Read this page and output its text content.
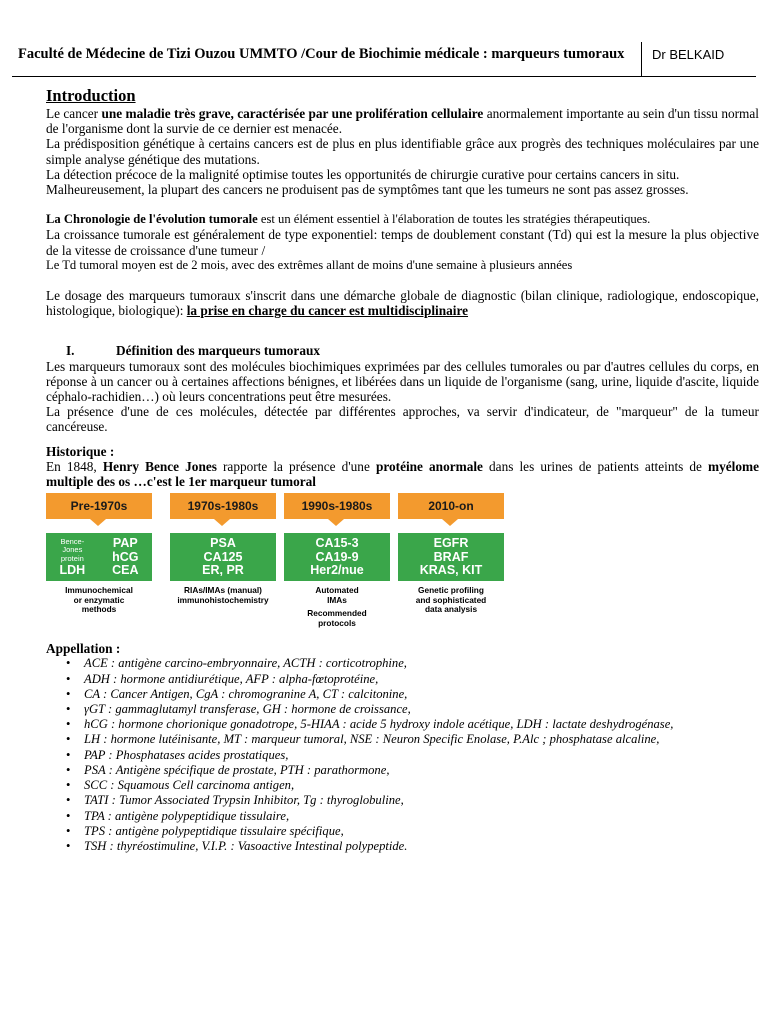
Faculté de Médecine de Tizi Ouzou UMMTO /Cour de Biochimie médicale : marqueurs tumoraux Dr BELKAID
Introduction

Le cancer une maladie très grave, caractérisée par une prolifération cellulaire anormalement importante au sein d'un tissu normal de l'organisme dont la survie de ce dernier est menacée.

La prédisposition génétique à certains cancers est de plus en plus identifiable grâce aux progrès des techniques moléculaires par une simple analyse génétique des mutations.

La détection précoce de la malignité optimise toutes les opportunités de chirurgie curative pour certains cancers in situ.

Malheureusement, la plupart des cancers ne produisent pas de symptômes tant que les tumeurs ne sont pas assez grosses.

La Chronologie de l'évolution tumorale est un élément essentiel à l'élaboration de toutes les stratégies thérapeutiques.

La croissance tumorale est généralement de type exponentiel: temps de doublement constant (Td) qui est la mesure la plus objective de la vitesse de croissance d'une tumeur /

Le Td tumoral moyen est de 2 mois, avec des extrêmes allant de moins d'une semaine à plusieurs années

Le dosage des marqueurs tumoraux s'inscrit dans une démarche globale de diagnostic (bilan clinique, radiologique, endoscopique, histologique, biologique): la prise en charge du cancer est multidisciplinaire

I.	Définition des marqueurs tumoraux

Les marqueurs tumoraux sont des molécules biochimiques exprimées par des cellules tumorales ou par d'autres cellules du corps, en réponse à un cancer ou à certaines affections bénignes, et libérées dans un liquide de l'organisme (sang, urine, liquide d'ascite, liquide céphalo-rachidien…) où leurs concentrations peut être mesurées.

La présence d'une de ces molécules, détectée par différentes approches, va servir d'indicateur, de "marqueur" de la tumeur cancéreuse.

Historique :

En 1848, Henry Bence Jones rapporte la présence d'une protéine anormale dans les urines de patients atteints de myélome multiple des os …c'est le 1er marqueur tumoral

Pre-1970s
Bence-
Jones
protein
LDH
PAP
hCG
CEA
Immunochemical
or enzymatic
methods
1970s-1980s
PSA
CA125
ER, PR
RIAs/IMAs (manual)
immunohistochemistry
1990s-1980s
CA15-3
CA19-9
Her2/nue
Automated
IMAs
Recommended
protocols
2010-on
EGFR
BRAF
KRAS, KIT
Genetic profiling
and sophisticated
data analysis

Appellation :

• ACE : antigène carcino-embryonnaire, ACTH : corticotrophine,
• ADH : hormone antidiurétique, AFP : alpha-fœtoprotéine,
• CA : Cancer Antigen, CgA : chromogranine A, CT : calcitonine,
• γGT : gammaglutamyl transferase, GH : hormone de croissance,
• hCG : hormone chorionique gonadotrope, 5-HIAA : acide 5 hydroxy indole acétique, LDH : lactate deshydrogénase,
• LH : hormone lutéinisante, MT : marqueur tumoral, NSE : Neuron Specific Enolase, P.Alc ; phosphatase alcaline,
• PAP : Phosphatases acides prostatiques,
• PSA : Antigène spécifique de prostate, PTH : parathormone,
• SCC : Squamous Cell carcinoma antigen,
• TATI : Tumor Associated Trypsin Inhibitor, Tg : thyroglobuline,
• TPA : antigène polypeptidique tissulaire,
• TPS : antigène polypeptidique tissulaire spécifique,
• TSH : thyréostimuline, V.I.P. : Vasoactive Intestinal polypeptide.
